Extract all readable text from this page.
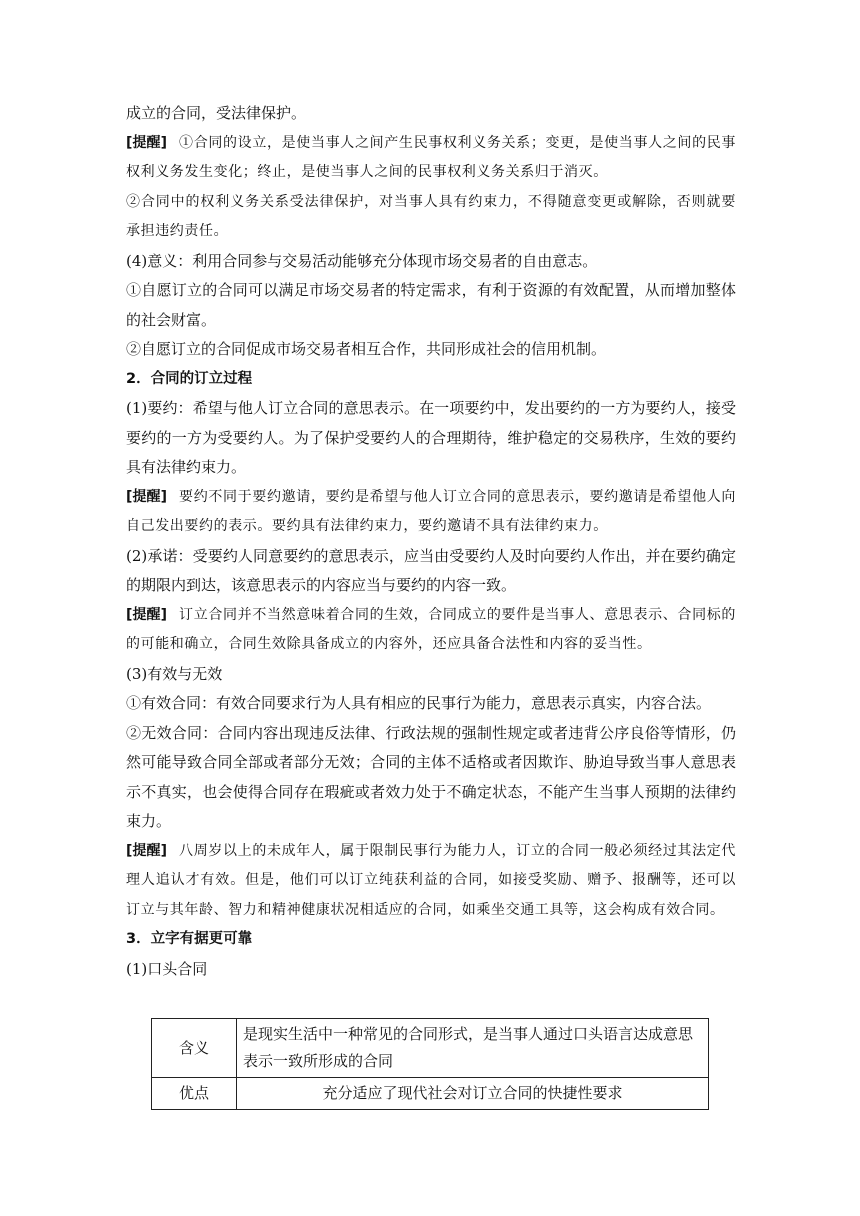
成立的合同，受法律保护。

[提醒] ①合同的设立，是使当事人之间产生民事权利义务关系；变更，是使当事人之间的民事权利义务发生变化；终止，是使当事人之间的民事权利义务关系归于消灭。

②合同中的权利义务关系受法律保护，对当事人具有约束力，不得随意变更或解除，否则就要承担违约责任。

(4)意义：利用合同参与交易活动能够充分体现市场交易者的自由意志。

①自愿订立的合同可以满足市场交易者的特定需求，有利于资源的有效配置，从而增加整体的社会财富。

②自愿订立的合同促成市场交易者相互合作，共同形成社会的信用机制。

2．合同的订立过程

(1)要约：希望与他人订立合同的意思表示。在一项要约中，发出要约的一方为要约人，接受要约的一方为受要约人。为了保护受要约人的合理期待，维护稳定的交易秩序，生效的要约具有法律约束力。

[提醒] 要约不同于要约邀请，要约是希望与他人订立合同的意思表示，要约邀请是希望他人向自己发出要约的表示。要约具有法律约束力，要约邀请不具有法律约束力。

(2)承诺：受要约人同意要约的意思表示，应当由受要约人及时向要约人作出，并在要约确定的期限内到达，该意思表示的内容应当与要约的内容一致。

[提醒] 订立合同并不当然意味着合同的生效，合同成立的要件是当事人、意思表示、合同标的的可能和确立，合同生效除具备成立的内容外，还应具备合法性和内容的妥当性。

(3)有效与无效

①有效合同：有效合同要求行为人具有相应的民事行为能力，意思表示真实，内容合法。

②无效合同：合同内容出现违反法律、行政法规的强制性规定或者违背公序良俗等情形，仍然可能导致合同全部或者部分无效；合同的主体不适格或者因欺诈、胁迫导致当事人意思表示不真实，也会使得合同存在瑕疵或者效力处于不确定状态，不能产生当事人预期的法律约束力。

[提醒] 八周岁以上的未成年人，属于限制民事行为能力人，订立的合同一般必须经过其法定代理人追认才有效。但是，他们可以订立纯获利益的合同，如接受奖励、赠予、报酬等，还可以订立与其年龄、智力和精神健康状况相适应的合同，如乘坐交通工具等，这会构成有效合同。

3．立字有据更可靠

(1)口头合同

含义	是现实生活中一种常见的合同形式，是当事人通过口头语言达成意思表示一致所形成的合同
优点	充分适应了现代社会对订立合同的快捷性要求
